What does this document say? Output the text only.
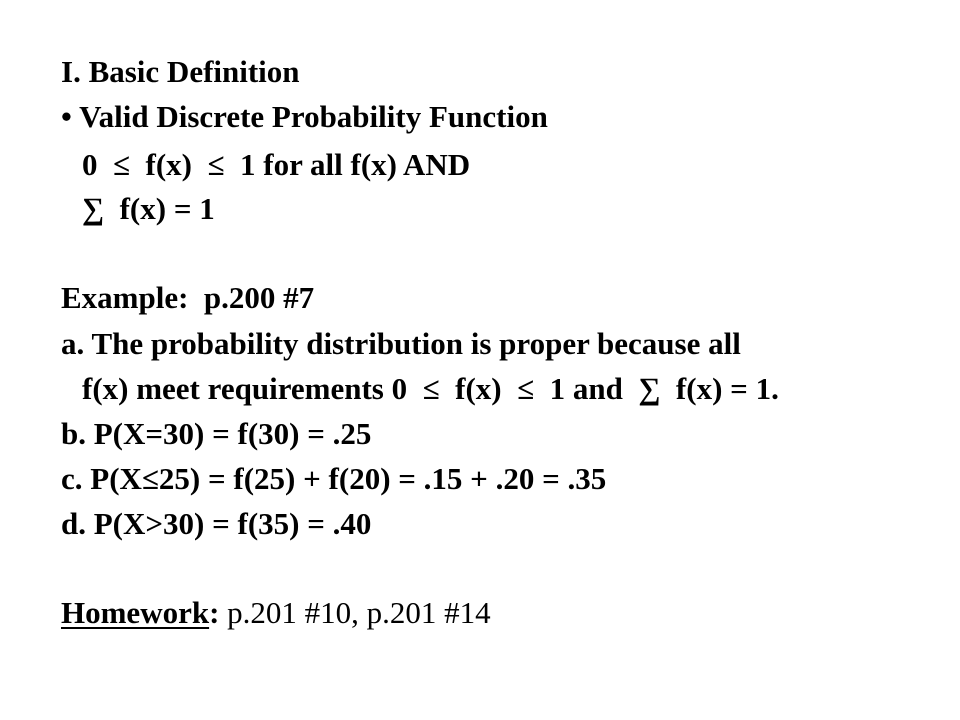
I. Basic Definition
• Valid Discrete Probability Function
0  ≤  f(x)  ≤  1 for all f(x) AND
∑  f(x) = 1
Example:  p.200 #7
a. The probability distribution is proper because all
f(x) meet requirements 0  ≤  f(x)  ≤  1 and  ∑  f(x) = 1.
b. P(X=30) = f(30) = .25
c. P(X≤25) = f(25) + f(20) = .15 + .20 = .35
d. P(X>30) = f(35) = .40
Homework: p.201 #10, p.201 #14
